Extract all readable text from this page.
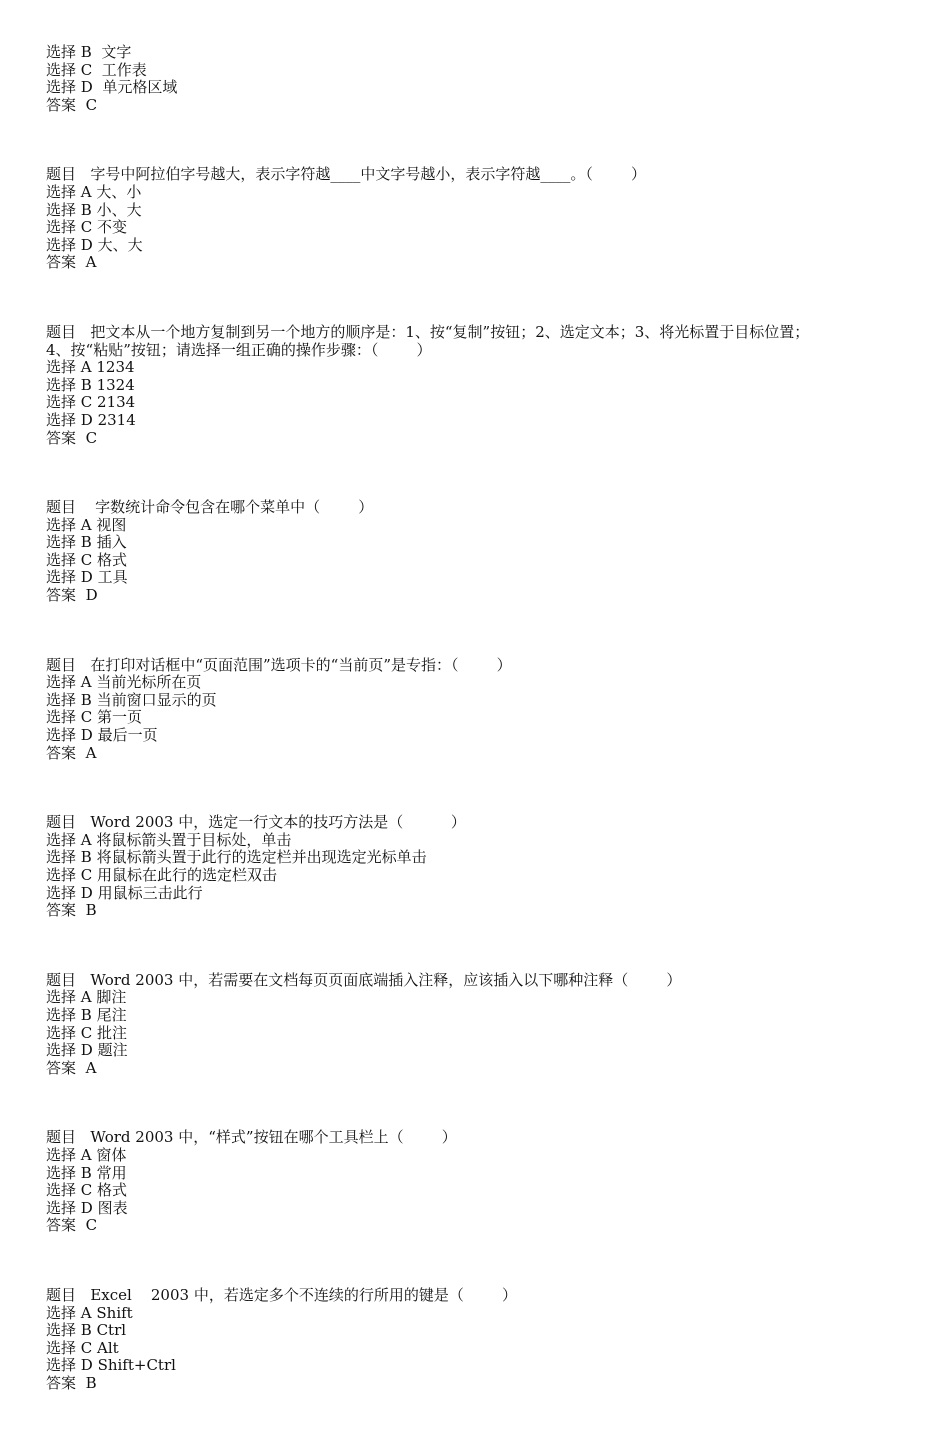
选择 B 文字

选择 C 工作表

选择 D 单元格区域

答案 C

题目 字号中阿拉伯字号越大，表示字符越____中文字号越小，表示字符越____。（        ）

选择 A 大、小

选择 B 小、大

选择 C 不变

选择 D 大、大

答案 A

题目 把文本从一个地方复制到另一个地方的顺序是：1、按“复制”按钮；2、选定文本；3、将光标置于目标位置；

4、按“粘贴”按钮；请选择一组正确的操作步骤：（        ）

选择 A 1234

选择 B 1324

选择 C 2134

选择 D 2314

答案 C

题目    字数统计命令包含在哪个菜单中（        ）

选择 A 视图

选择 B 插入

选择 C 格式

选择 D 工具

答案 D

题目 在打印对话框中“页面范围”选项卡的“当前页”是专指：（        ）

选择 A 当前光标所在页

选择 B 当前窗口显示的页

选择 C 第一页

选择 D 最后一页

答案 A

题目 Word 2003 中，选定一行文本的技巧方法是（          ）

选择 A 将鼠标箭头置于目标处，单击

选择 B 将鼠标箭头置于此行的选定栏并出现选定光标单击

选择 C 用鼠标在此行的选定栏双击

选择 D 用鼠标三击此行

答案 B

题目 Word 2003 中，若需要在文档每页页面底端插入注释，应该插入以下哪种注释（        ）

选择 A 脚注

选择 B 尾注

选择 C 批注

选择 D 题注

答案 A

题目 Word 2003 中，“样式”按钮在哪个工具栏上（        ）

选择 A 窗体

选择 B 常用

选择 C 格式

选择 D 图表

答案 C

题目 Excel    2003 中，若选定多个不连续的行所用的键是（        ）

选择 A Shift

选择 B Ctrl

选择 C Alt

选择 D Shift+Ctrl

答案 B
